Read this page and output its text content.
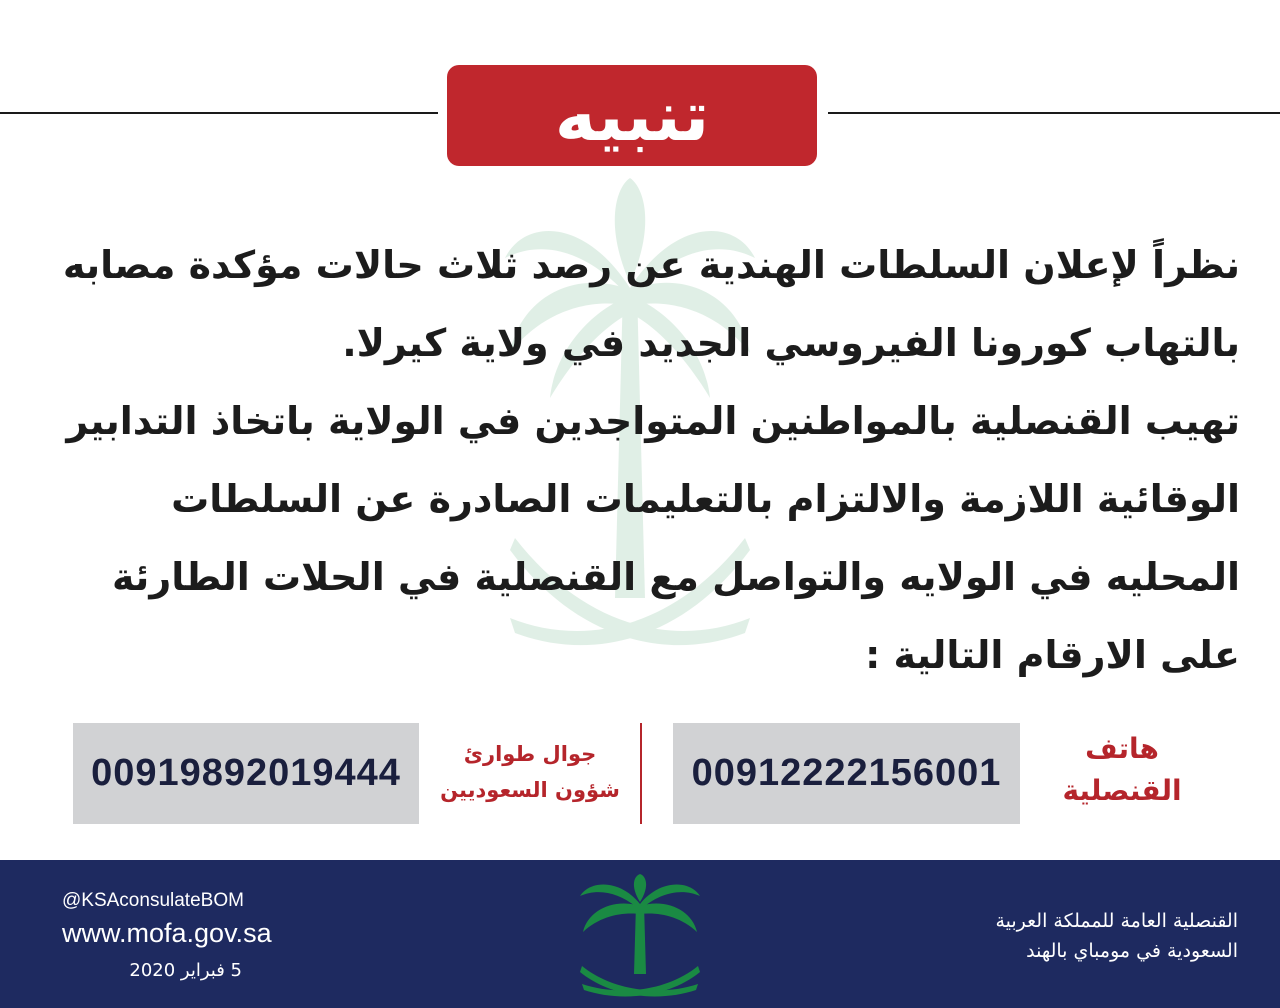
تنبيه

نظراً لإعلان السلطات الهندية عن رصد ثلاث حالات مؤكدة مصابه بالتهاب كورونا الفيروسي الجديد في ولاية كيرلا.

تهيب القنصلية بالمواطنين المتواجدين في الولاية باتخاذ التدابير الوقائية اللازمة والالتزام بالتعليمات الصادرة عن السلطات المحليه في الولايه والتواصل مع القنصلية في الحلات الطارئة على الارقام التالية :

00919892019444	جوال طوارئ
شؤون السعوديين	00912222156001
هاتف
القنصلية
@KSAconsulateBOM
www.mofa.gov.sa
5 فبراير 2020
القنصلية العامة للمملكة العربية
السعودية في مومباي بالهند
